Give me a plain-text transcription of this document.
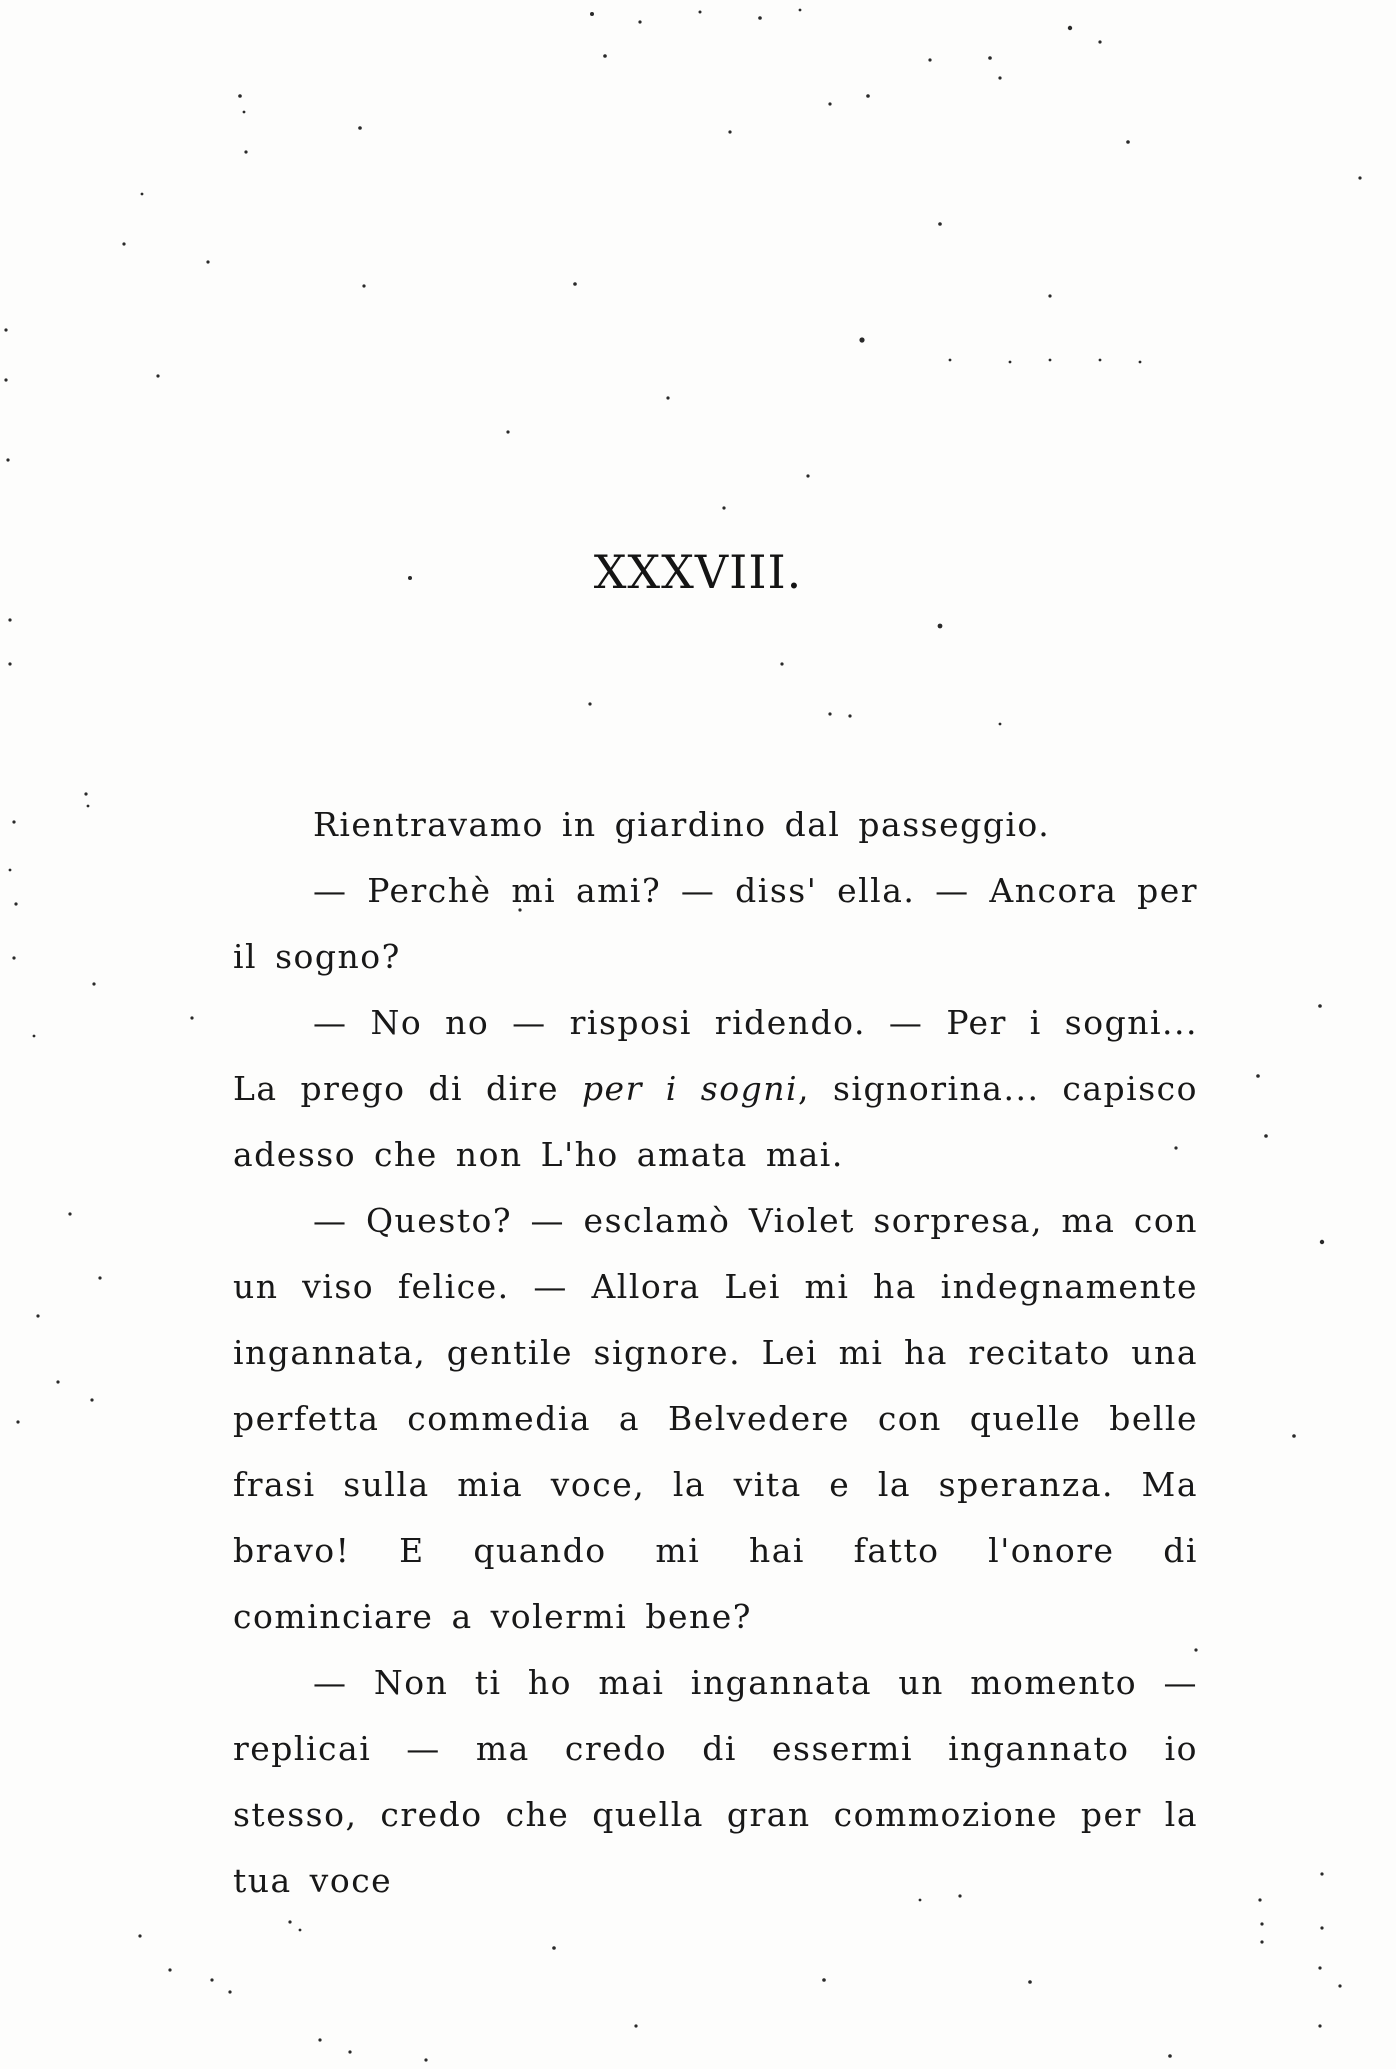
XXXVIII.

Rientravamo in giardino dal passeggio.

— Perchè mi ami? — diss' ella. — Ancora per il sogno?

— No no — risposi ridendo. — Per i sogni... La prego di dire per i sogni, signorina... capisco adesso che non L'ho amata mai.

— Questo? — esclamò Violet sorpresa, ma con un viso felice. — Allora Lei mi ha indegnamente ingannata, gentile signore. Lei mi ha recitato una perfetta commedia a Belvedere con quelle belle frasi sulla mia voce, la vita e la speranza. Ma bravo! E quando mi hai fatto l'onore di cominciare a volermi bene?

— Non ti ho mai ingannata un momento — replicai — ma credo di essermi ingannato io stesso, credo che quella gran commozione per la tua voce
